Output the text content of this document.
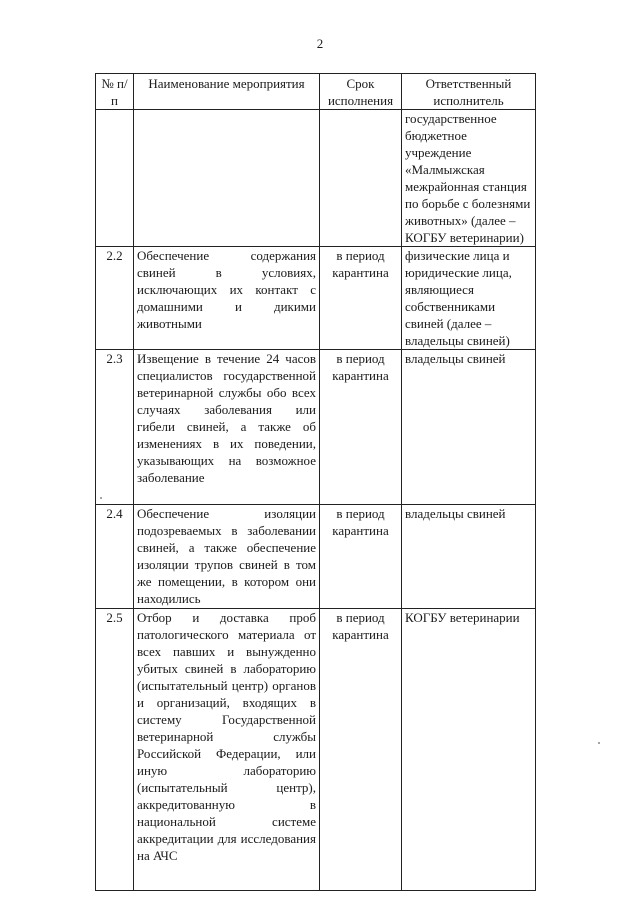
2
№ п/п	Наименование мероприятия	Срок исполнения	Ответственный исполнитель
			государственное бюджетное учреждение «Малмыжская межрайонная станция по борьбе с болезнями животных» (далее – КОГБУ ветеринарии)
2.2	Обеспечение содержания свиней в условиях, исключающих их контакт с домашними и дикими животными	в период карантина	физические лица и юридические лица, являющиеся собственниками свиней (далее – владельцы свиней)
2.3	Извещение в течение 24 часов специалистов государственной ветеринарной службы обо всех случаях заболевания или гибели свиней, а также об изменениях в их поведении, указывающих на возможное заболевание	в период карантина	владельцы свиней
2.4	Обеспечение изоляции подозреваемых в заболевании свиней, а также обеспечение изоляции трупов свиней в том же помещении, в котором они находились	в период карантина	владельцы свиней
2.5	Отбор и доставка проб патологического материала от всех павших и вынужденно убитых свиней в лабораторию (испытательный центр) органов и организаций, входящих в систему Государственной ветеринарной службы Российской Федерации, или иную лабораторию (испытательный центр), аккредитованную в национальной системе аккредитации для исследования на АЧС	в период карантина	КОГБУ ветеринарии
